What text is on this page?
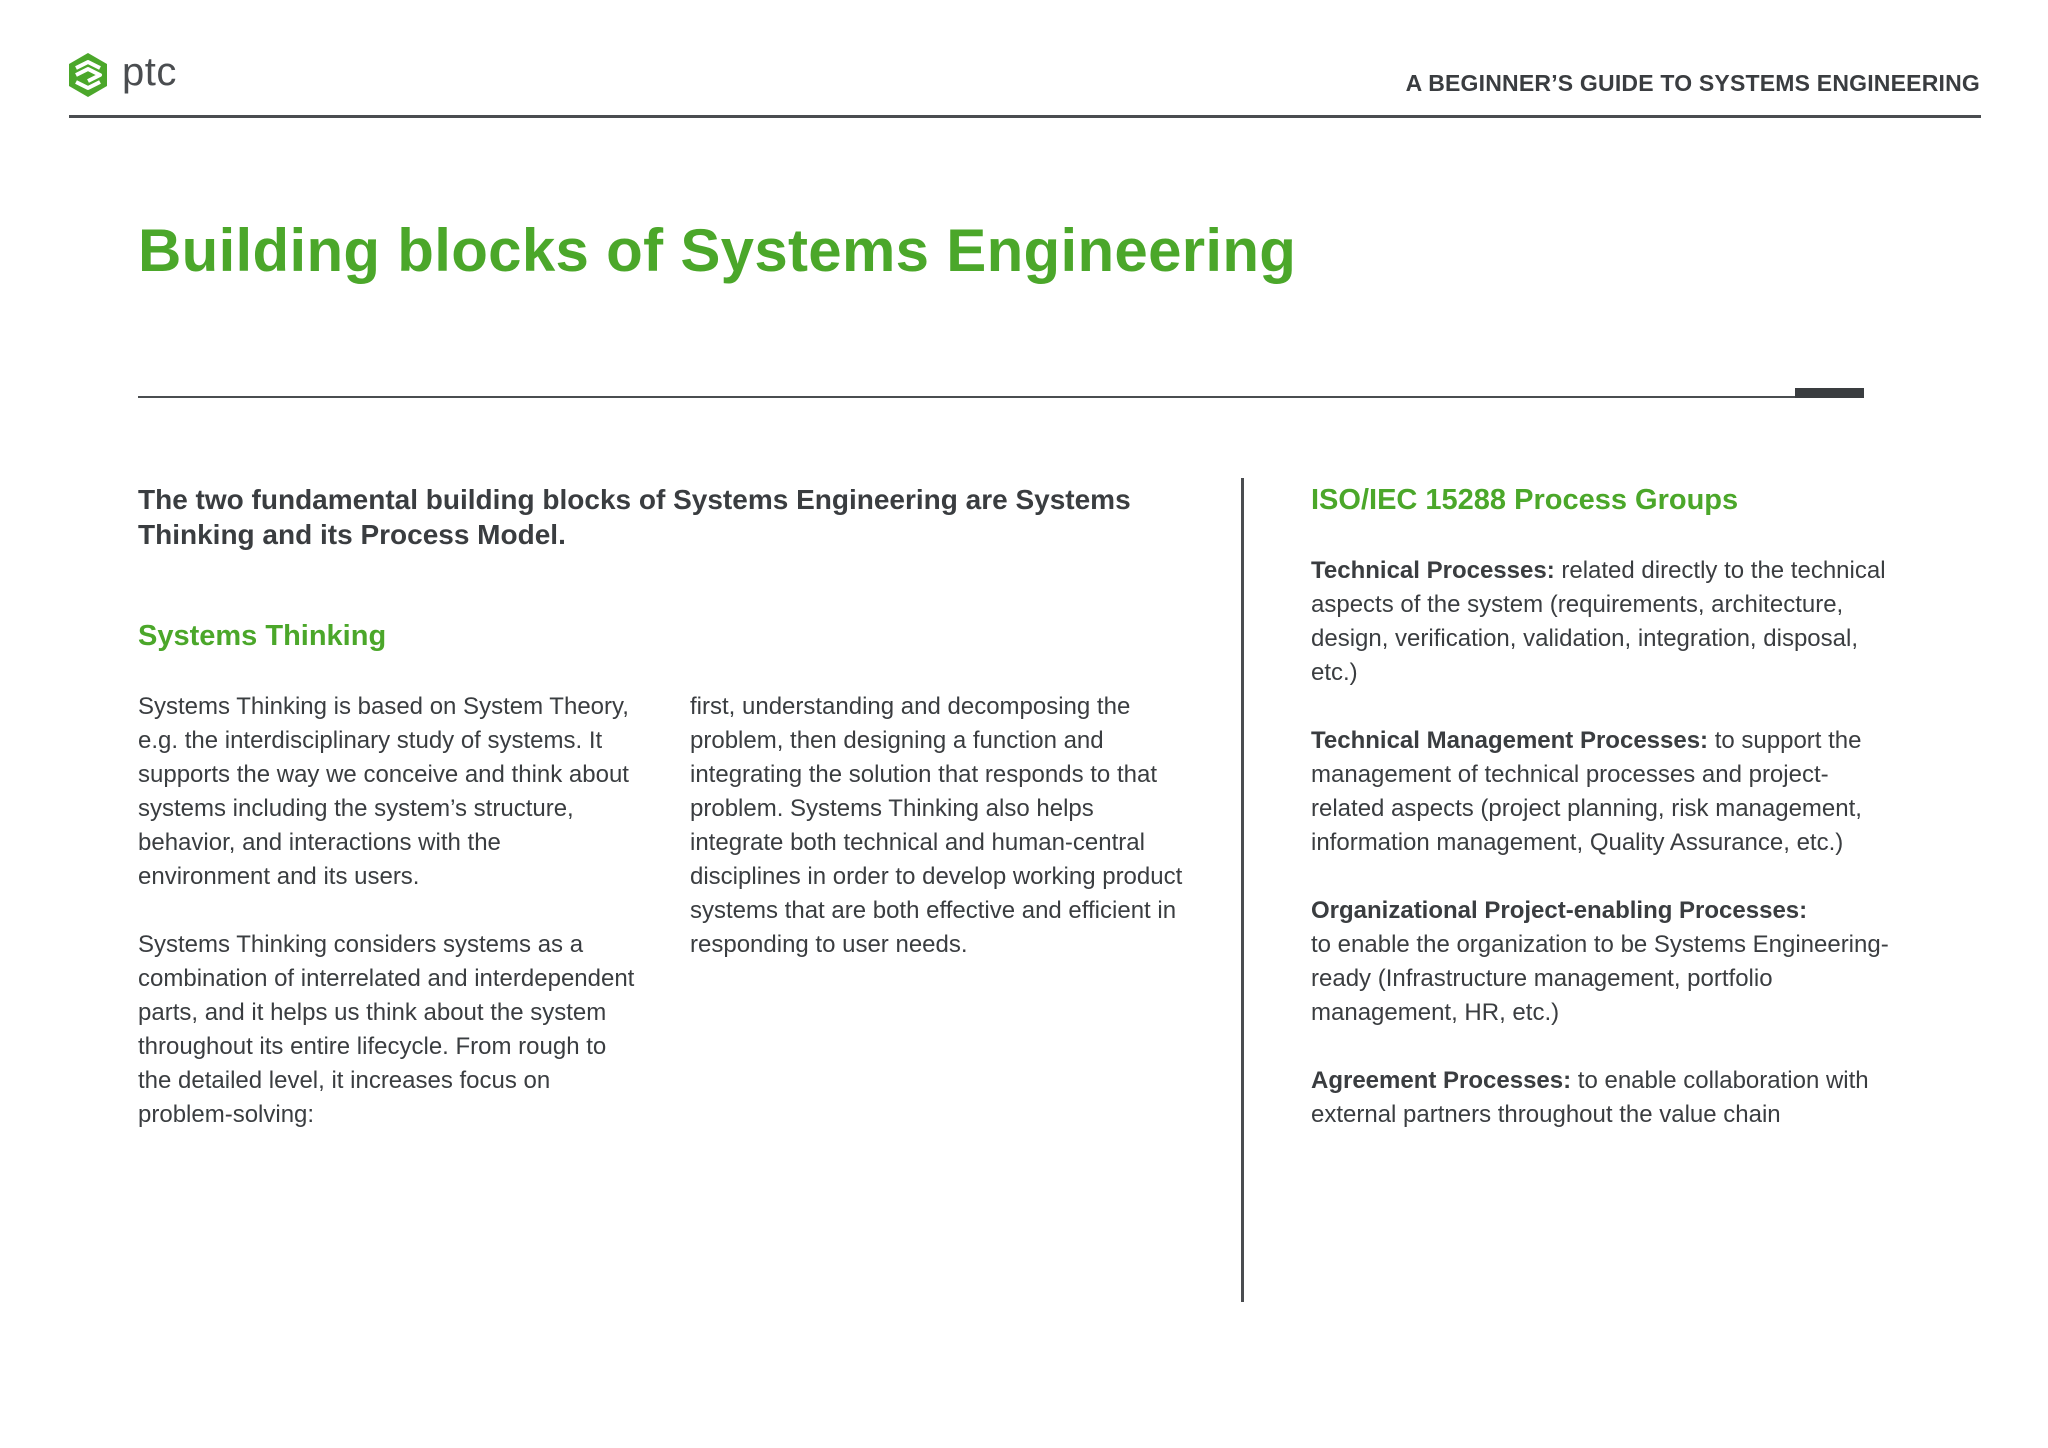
ptc	A BEGINNER’S GUIDE TO SYSTEMS ENGINEERING
Building blocks of Systems Engineering

The two fundamental building blocks of Systems Engineering are Systems Thinking and its Process Model.

Systems Thinking

Systems Thinking is based on System Theory, e.g. the interdisciplinary study of systems. It supports the way we conceive and think about systems including the system’s structure, behavior, and interactions with the environment and its users.

Systems Thinking considers systems as a combination of interrelated and interdependent parts, and it helps us think about the system throughout its entire lifecycle. From rough to the detailed level, it increases focus on problem-solving:

first, understanding and decomposing the problem, then designing a function and integrating the solution that responds to that problem. Systems Thinking also helps integrate both technical and human-central disciplines in order to develop working product systems that are both effective and efficient in responding to user needs.

ISO/IEC 15288 Process Groups

Technical Processes: related directly to the technical aspects of the system (requirements, architecture, design, verification, validation, integration, disposal, etc.)

Technical Management Processes: to support the management of technical processes and project-related aspects (project planning, risk management, information management, Quality Assurance, etc.)

Organizational Project-enabling Processes:
to enable the organization to be Systems Engineering-ready (Infrastructure management, portfolio management, HR, etc.)

Agreement Processes: to enable collaboration with external partners throughout the value chain
